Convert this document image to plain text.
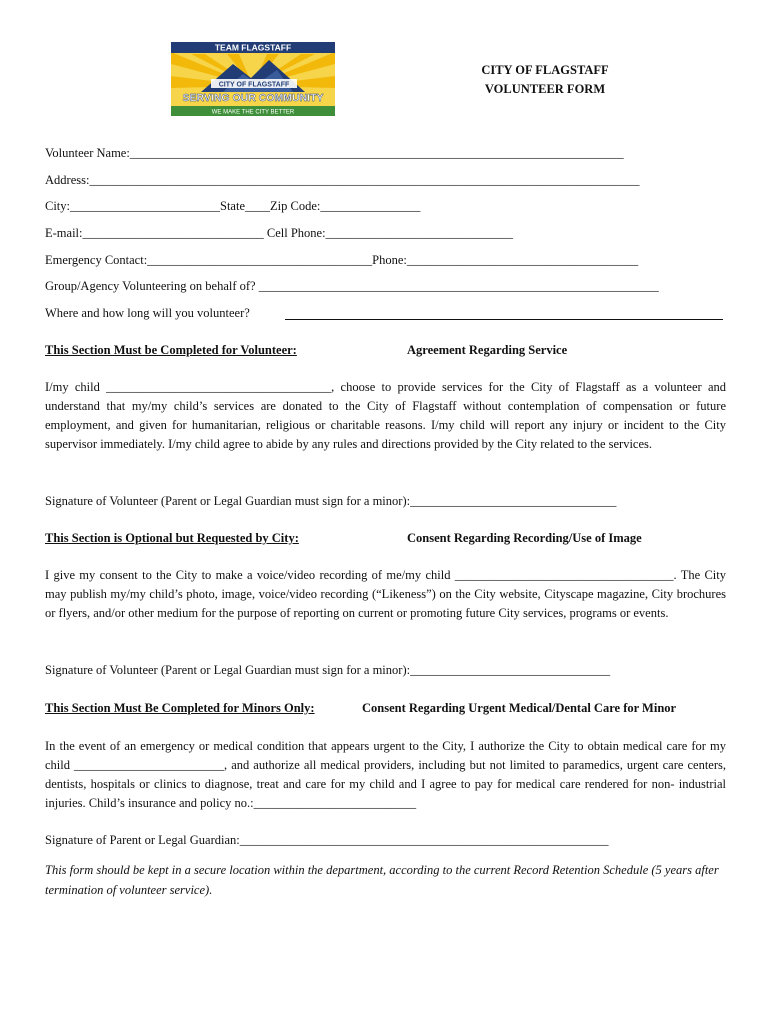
TEAM FLAGSTAFF
CITY OF FLAGSTAFF
SERVING OUR COMMUNITY
WE MAKE THE CITY BETTER
CITY OF FLAGSTAFF
VOLUNTEER FORM
Volunteer Name:_______________________________________________________________________________
Address:________________________________________________________________________________________
City:________________________State____Zip Code:________________
E-mail:_____________________________ Cell Phone:______________________________
Emergency Contact:____________________________________Phone:_____________________________________
Group/Agency Volunteering on behalf of? ________________________________________________________________
Where and how long will you volunteer?
This Section Must be Completed for Volunteer:	Agreement Regarding Service
I/my child ____________________________________, choose to provide services for the City of Flagstaff as a volunteer and understand that my/my child’s services are donated to the City of Flagstaff without contemplation of compensation or future employment, and given for humanitarian, religious or charitable reasons. I/my child will report any injury or incident to the City supervisor immediately. I/my child agree to abide by any rules and directions provided by the City related to the services.
Signature of Volunteer (Parent or Legal Guardian must sign for a minor):_________________________________
This Section is Optional but Requested by City:	Consent Regarding Recording/Use of Image
I give my consent to the City to make a voice/video recording of me/my child ___________________________________. The City may publish my/my child’s photo, image, voice/video recording (“Likeness”) on the City website, Cityscape magazine, City brochures or flyers, and/or other medium for the purpose of reporting on current or promoting future City services, programs or events.
Signature of Volunteer (Parent or Legal Guardian must sign for a minor):________________________________
This Section Must Be Completed for Minors Only:	Consent Regarding Urgent Medical/Dental Care for Minor
In the event of an emergency or medical condition that appears urgent to the City, I authorize the City to obtain medical care for my child ________________________, and authorize all medical providers, including but not limited to paramedics, urgent care centers, dentists, hospitals or clinics to diagnose, treat and care for my child and I agree to pay for medical care rendered for non- industrial injuries. Child’s insurance and policy no.:__________________________
Signature of Parent or Legal Guardian:___________________________________________________________
This form should be kept in a secure location within the department, according to the current Record Retention Schedule (5 years after termination of volunteer service).
